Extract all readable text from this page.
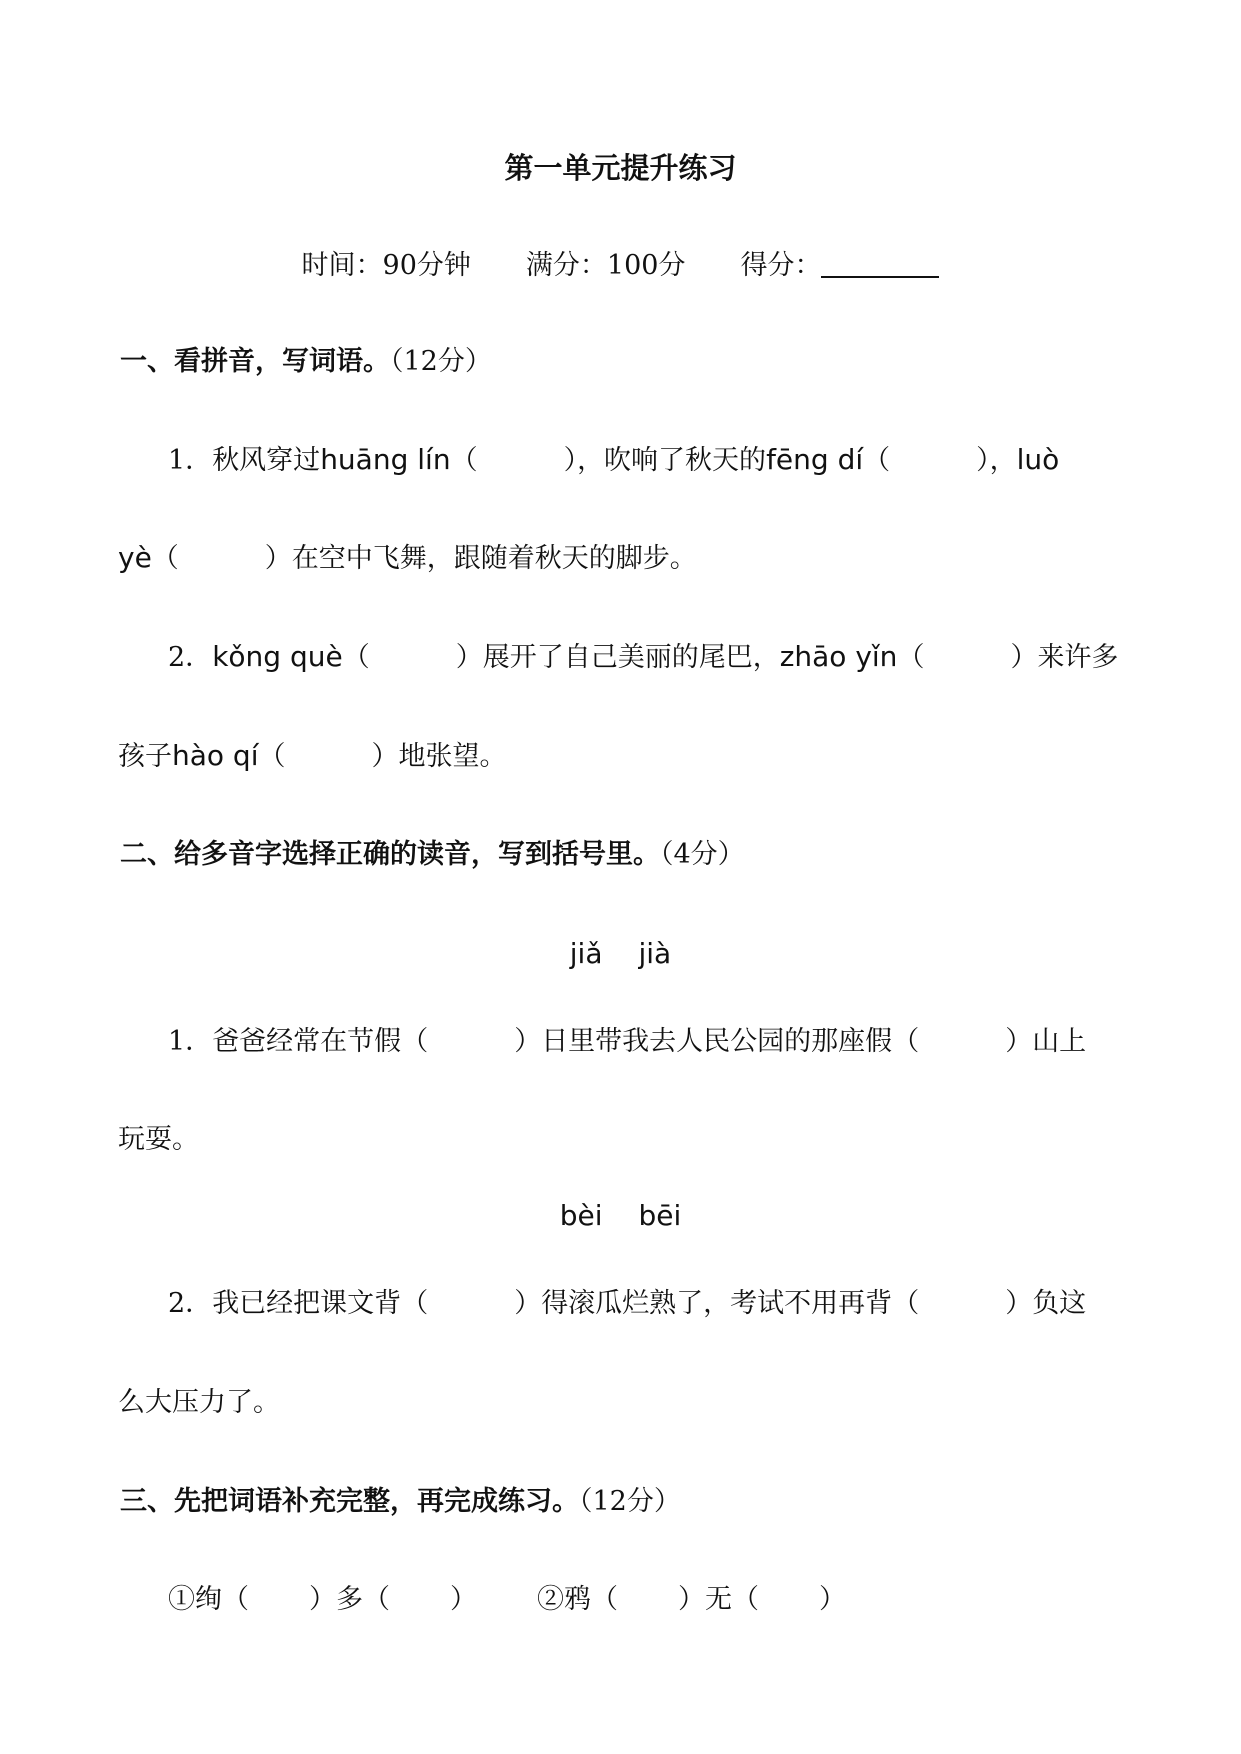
第一单元提升练习
时间：90分钟 满分：100分 得分：
一、看拼音，写词语。（12分）
1．秋风穿过huāng lín（	），吹响了秋天的fēng dí（	），luò
yè（	）在空中飞舞，跟随着秋天的脚步。
2．kǒng què（	）展开了自己美丽的尾巴，zhāo yǐn（	）来许多
孩子hào qí（	）地张望。
二、给多音字选择正确的读音，写到括号里。（4分）
jiǎ jià
1．爸爸经常在节假（	）日里带我去人民公园的那座假（	）山上
玩耍。
bèi bēi
2．我已经把课文背（	）得滚瓜烂熟了，考试不用再背（	）负这
么大压力了。
三、先把词语补充完整，再完成练习。（12分）
①绚（ ）多（ ） ②鸦（ ）无（ ）
